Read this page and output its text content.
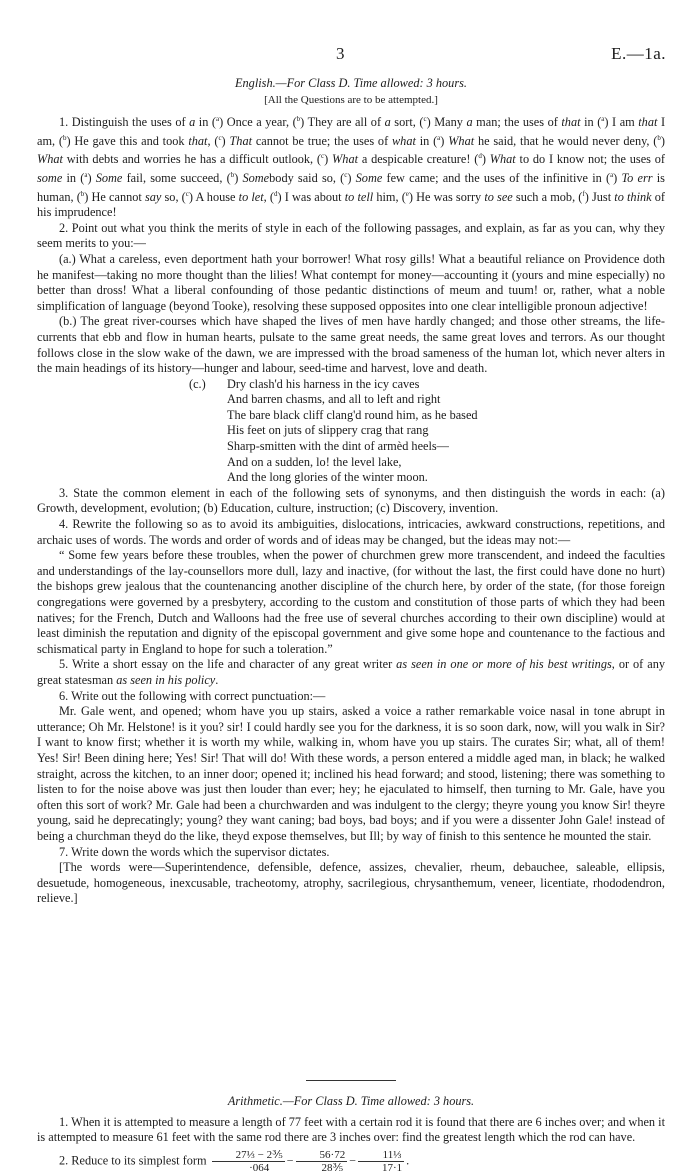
3	E.—1a.

English.—For Class D. Time allowed: 3 hours.

[All the Questions are to be attempted.]

1. Distinguish the uses of a in ($^a$) Once a year, ($^b$) They are all of a sort, ($^c$) Many a man; the uses of that in ($^a$) I am that I am, ($^b$) He gave this and took that, ($^c$) That cannot be true; the uses of what in ($^a$) What he said, that he would never deny, ($^b$) What with debts and worries he has a difficult outlook, ($^c$) What a despicable creature! ($^d$) What to do I know not; the uses of some in ($^a$) Some fail, some succeed, ($^b$) Somebody said so, ($^c$) Some few came; and the uses of the infinitive in ($^a$) To err is human, ($^b$) He cannot say so, ($^c$) A house to let, ($^d$) I was about to tell him, ($^e$) He was sorry to see such a mob, ($^f$) Just to think of his imprudence!

2. Point out what you think the merits of style in each of the following passages, and explain, as far as you can, why they seem merits to you:—

(a.) What a careless, even deportment hath your borrower! What rosy gills! What a beautiful reliance on Providence doth he manifest—taking no more thought than the lilies! What contempt for money—accounting it (yours and mine especially) no better than dross! What a liberal confounding of those pedantic distinctions of meum and tuum! or, rather, what a noble simplification of language (beyond Tooke), resolving these supposed opposites into one clear intelligible pronoun adjective!

(b.) The great river-courses which have shaped the lives of men have hardly changed; and those other streams, the life-currents that ebb and flow in human hearts, pulsate to the same great needs, the same great loves and terrors. As our thought follows close in the slow wake of the dawn, we are impressed with the broad sameness of the human lot, which never alters in the main headings of its history—hunger and labour, seed-time and harvest, love and death.

(c.) Dry clash'd his harness in the icy caves
And barren chasms, and all to left and right
The bare black cliff clang'd round him, as he based
His feet on juts of slippery crag that rang
Sharp-smitten with the dint of armèd heels—
And on a sudden, lo! the level lake,
And the long glories of the winter moon.

3. State the common element in each of the following sets of synonyms, and then distinguish the words in each: (a) Growth, development, evolution; (b) Education, culture, instruction; (c) Discovery, invention.

4. Rewrite the following so as to avoid its ambiguities, dislocations, intricacies, awkward constructions, repetitions, and archaic uses of words. The words and order of words and of ideas may be changed, but the ideas may not:—

“ Some few years before these troubles, when the power of churchmen grew more transcendent, and indeed the faculties and understandings of the lay-counsellors more dull, lazy and inactive, (for without the last, the first could have done no hurt) the bishops grew jealous that the countenancing another discipline of the church here, by order of the state, (for those foreign congregations were governed by a presbytery, according to the custom and constitution of those parts of which they had been natives; for the French, Dutch and Walloons had the free use of several churches according to their own discipline) would at least diminish the reputation and dignity of the episcopal government and give some hope and countenance to the factious and schismatical party in England to hope for such a toleration.”

5. Write a short essay on the life and character of any great writer as seen in one or more of his best writings, or of any great statesman as seen in his policy.

6. Write out the following with correct punctuation:—

Mr. Gale went, and opened; whom have you up stairs, asked a voice a rather remarkable voice nasal in tone abrupt in utterance; Oh Mr. Helstone! is it you? sir! I could hardly see you for the darkness, it is so soon dark, now, will you walk in Sir? I want to know first; whether it is worth my while, walking in, whom have you up stairs. The curates Sir; what, all of them! Yes! Sir! Been dining here; Yes! Sir! That will do! With these words, a person entered a middle aged man, in black; he walked straight, across the kitchen, to an inner door; opened it; inclined his head forward; and stood, listening; there was something to listen to for the noise above was just then louder than ever; hey; he ejaculated to himself, then turning to Mr. Gale, have you often this sort of work? Mr. Gale had been a churchwarden and was indulgent to the clergy; theyre young you know Sir! theyre young, said he deprecatingly; young? they want caning; bad boys, bad boys; and if you were a dissenter John Gale! instead of being a churchman theyd do the like, theyd expose themselves, but Ill; by way of finish to this sentence he mounted the stair.

7. Write down the words which the supervisor dictates.

[The words were—Superintendence, defensible, defence, assizes, chevalier, rheum, debauchee, saleable, ellipsis, desuetude, homogeneous, inexcusable, tracheotomy, atrophy, sacrilegious, chrysanthemum, veneer, licentiate, rhododendron, relieve.]

Arithmetic.—For Class D. Time allowed: 3 hours.

1. When it is attempted to measure a length of 77 feet with a certain rod it is found that there are 6 inches over; and when it is attempted to measure 61 feet with the same rod there are 3 inches over: find the greatest length which the rod can have.

2. Reduce to its simplest form $\frac{\text{27⅓ − 2⅗}}{\cdot 064} - \frac{56\cdot 72}{\text{28⅗}} - \frac{\text{11⅓}}{17\cdot 1}$ .
